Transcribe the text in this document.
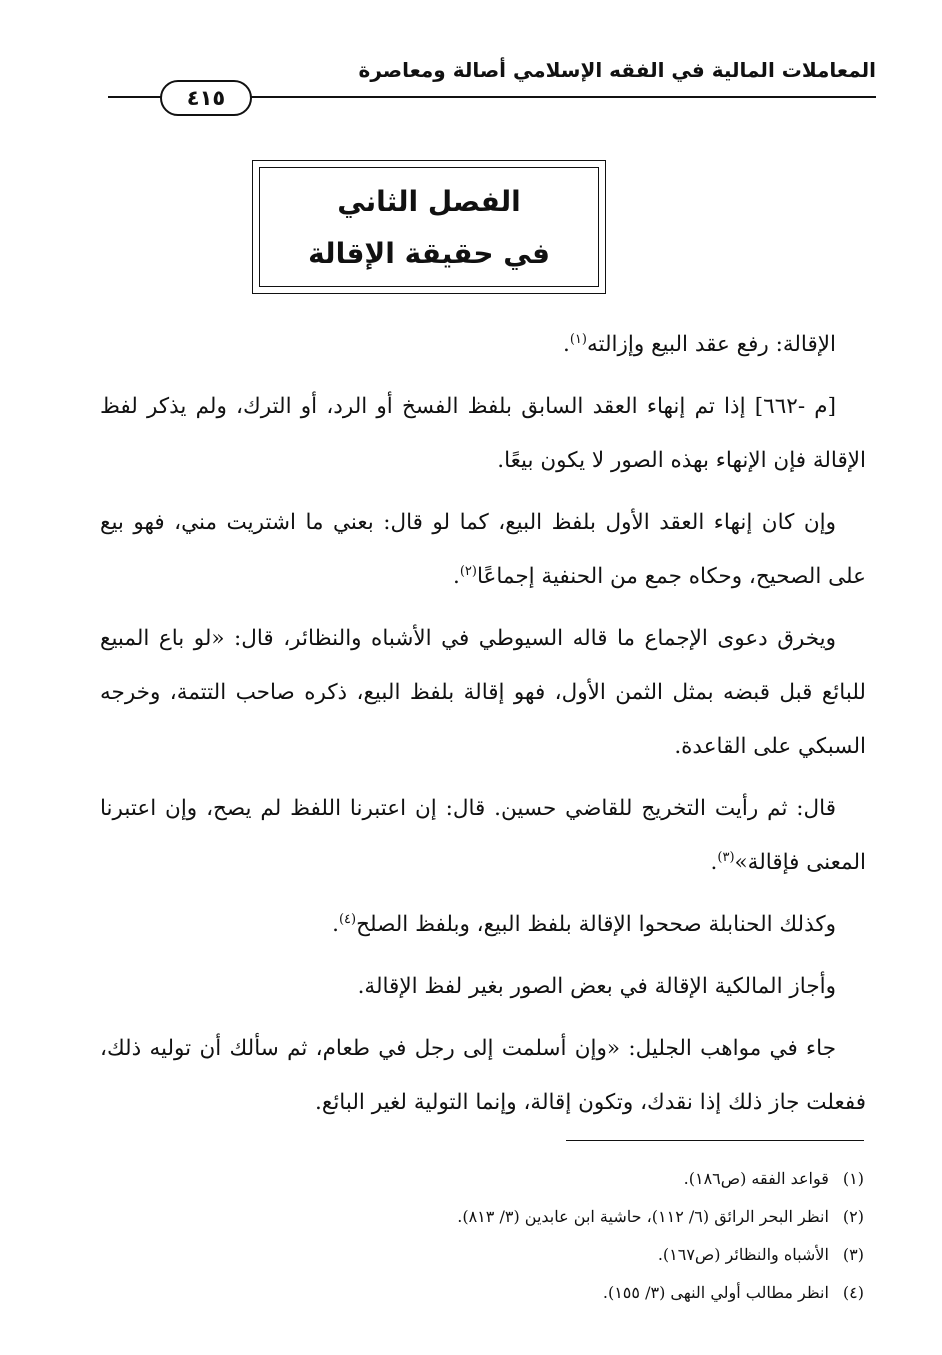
المعاملات المالية في الفقه الإسلامي أصالة ومعاصرة
٤١٥
الفصل الثاني
في حقيقة الإقالة

الإقالة: رفع عقد البيع وإزالته$^{(١)}$.

[م -٦٦٢] إذا تم إنهاء العقد السابق بلفظ الفسخ أو الرد، أو الترك، ولم يذكر لفظ الإقالة فإن الإنهاء بهذه الصور لا يكون بيعًا.

وإن كان إنهاء العقد الأول بلفظ البيع، كما لو قال: بعني ما اشتريت مني، فهو بيع على الصحيح، وحكاه جمع من الحنفية إجماعًا$^{(٢)}$.

ويخرق دعوى الإجماع ما قاله السيوطي في الأشباه والنظائر، قال: «لو باع المبيع للبائع قبل قبضه بمثل الثمن الأول، فهو إقالة بلفظ البيع، ذكره صاحب التتمة، وخرجه السبكي على القاعدة.

قال: ثم رأيت التخريج للقاضي حسين. قال: إن اعتبرنا اللفظ لم يصح، وإن اعتبرنا المعنى فإقالة»$^{(٣)}$.

وكذلك الحنابلة صححوا الإقالة بلفظ البيع، وبلفظ الصلح$^{(٤)}$.

وأجاز المالكية الإقالة في بعض الصور بغير لفظ الإقالة.

جاء في مواهب الجليل: «وإن أسلمت إلى رجل في طعام، ثم سألك أن توليه ذلك، ففعلت جاز ذلك إذا نقدك، وتكون إقالة، وإنما التولية لغير البائع.

(١)قواعد الفقه (ص١٨٦).
(٢)انظر البحر الرائق (٦/ ١١٢)، حاشية ابن عابدين (٣/ ٨١٣).
(٣)الأشباه والنظائر (ص١٦٧).
(٤)انظر مطالب أولي النهى (٣/ ١٥٥).
